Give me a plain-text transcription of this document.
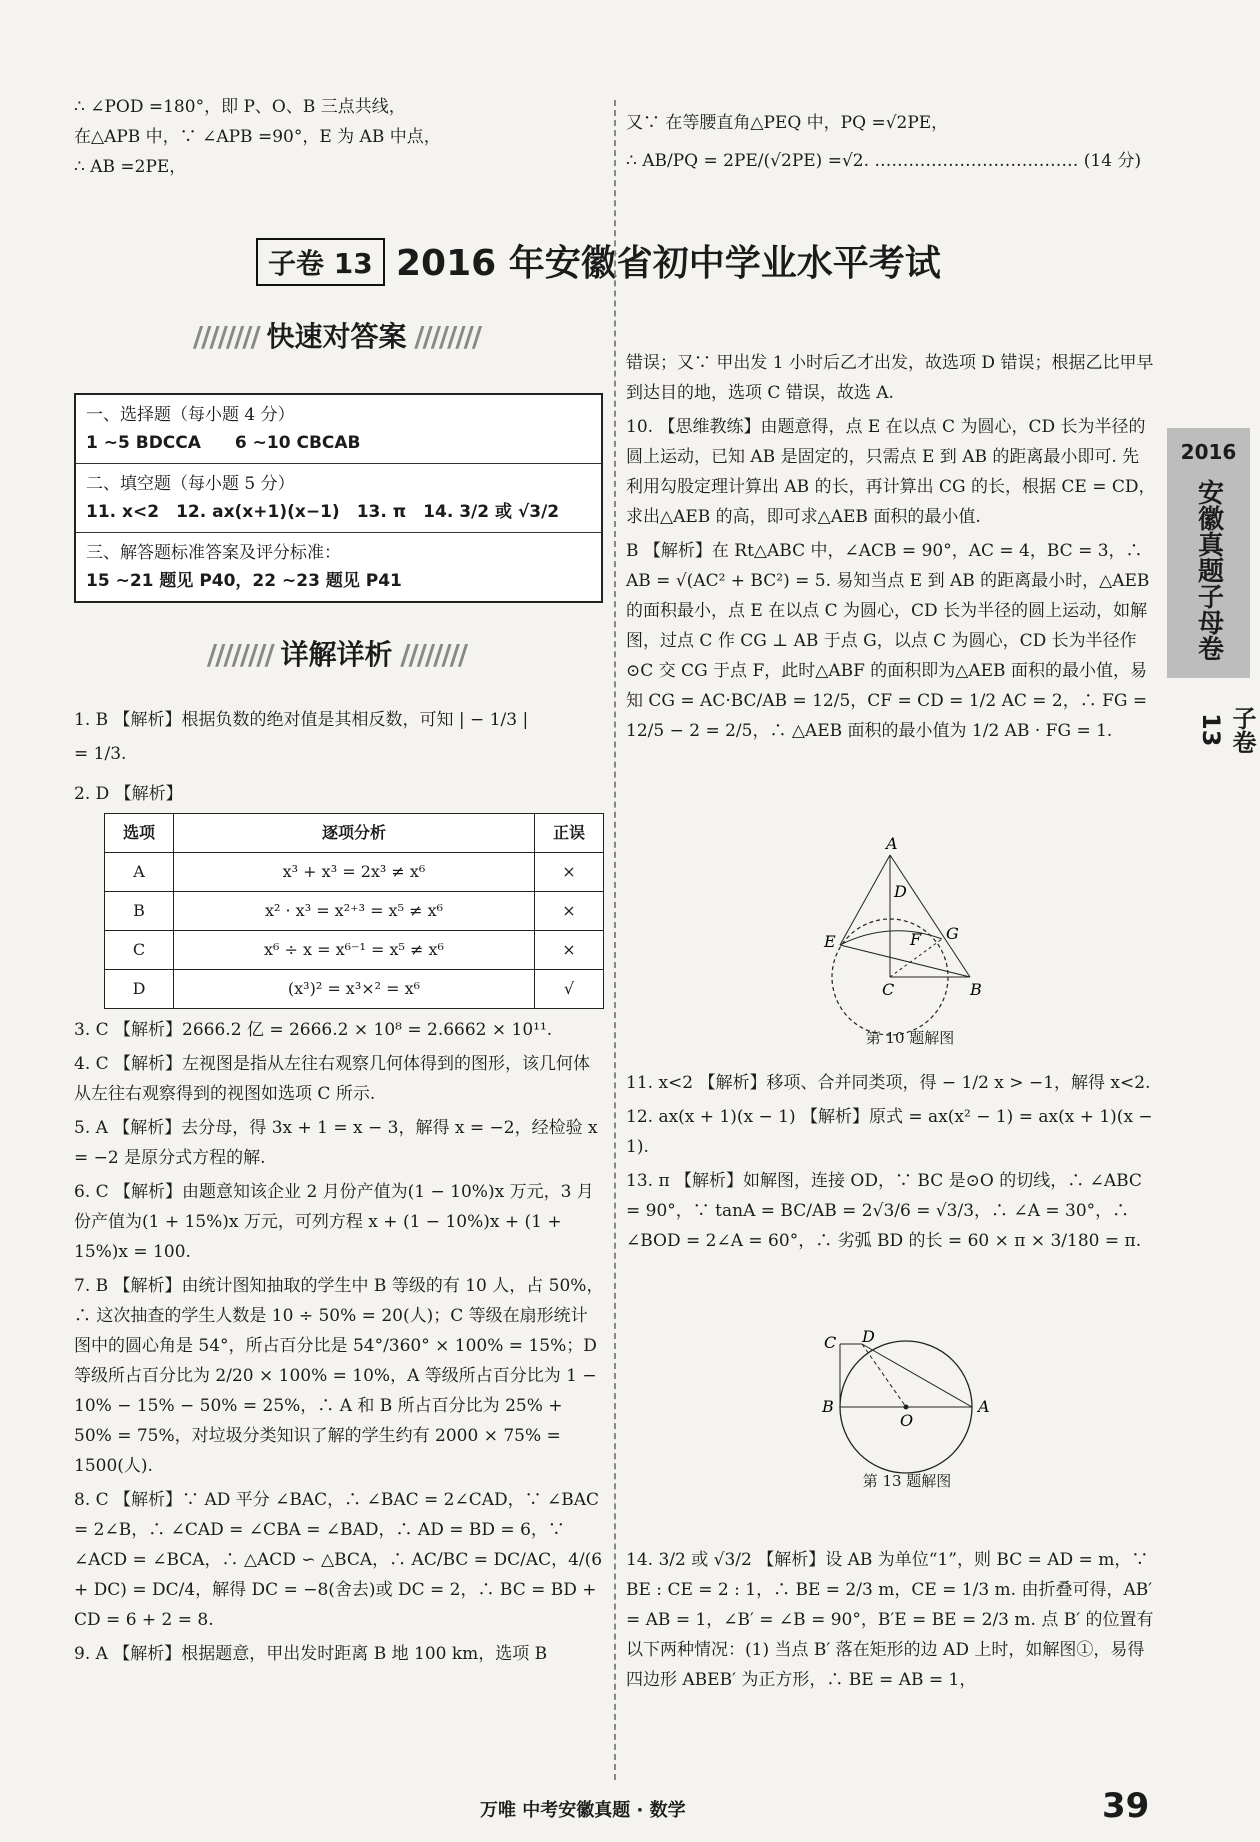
∴ ∠POD =180°，即 P、O、B 三点共线，
在△APB 中，∵ ∠APB =90°，E 为 AB 中点，
∴ AB =2PE，
又∵ 在等腰直角△PEQ 中，PQ =√2PE，
∴ AB/PQ = 2PE/(√2PE) =√2. ……………………………… (14 分)
子卷 13 2016 年安徽省初中学业水平考试
//////// 快速对答案 ////////
一、选择题（每小题 4 分）
1 ~5 BDCCA　　6 ~10 CBCAB
二、填空题（每小题 5 分）
11. x<2　12. ax(x+1)(x−1)　13. π　14. 3/2 或 √3/2
三、解答题标准答案及评分标准：
15 ~21 题见 P40，22 ~23 题见 P41
//////// 详解详析 ////////
1. B 【解析】根据负数的绝对值是其相反数，可知 | − 1/3 |
= 1/3.
2. D 【解析】
选项	逐项分析	正误
A	x³ + x³ = 2x³ ≠ x⁶	×
B	x² · x³ = x²⁺³ = x⁵ ≠ x⁶	×
C	x⁶ ÷ x = x⁶⁻¹ = x⁵ ≠ x⁶	×
D	(x³)² = x³×² = x⁶	√
3. C 【解析】2666.2 亿 = 2666.2 × 10⁸ = 2.6662 × 10¹¹.
4. C 【解析】左视图是指从左往右观察几何体得到的图形，该几何体从左往右观察得到的视图如选项 C 所示.
5. A 【解析】去分母，得 3x + 1 = x − 3，解得 x = −2，经检验 x = −2 是原分式方程的解.
6. C 【解析】由题意知该企业 2 月份产值为(1 − 10%)x 万元，3 月份产值为(1 + 15%)x 万元，可列方程 x + (1 − 10%)x + (1 + 15%)x = 100.
7. B 【解析】由统计图知抽取的学生中 B 等级的有 10 人，占 50%，∴ 这次抽查的学生人数是 10 ÷ 50% = 20(人)；C 等级在扇形统计图中的圆心角是 54°，所占百分比是 54°/360° × 100% = 15%；D 等级所占百分比为 2/20 × 100% = 10%，A 等级所占百分比为 1 − 10% − 15% − 50% = 25%，∴ A 和 B 所占百分比为 25% + 50% = 75%，对垃圾分类知识了解的学生约有 2000 × 75% = 1500(人).
8. C 【解析】∵ AD 平分 ∠BAC，∴ ∠BAC = 2∠CAD，∵ ∠BAC = 2∠B，∴ ∠CAD = ∠CBA = ∠BAD，∴ AD = BD = 6，∵ ∠ACD = ∠BCA，∴ △ACD ∽ △BCA，∴ AC/BC = DC/AC，4/(6 + DC) = DC/4，解得 DC = −8(舍去)或 DC = 2，∴ BC = BD + CD = 6 + 2 = 8.
9. A 【解析】根据题意，甲出发时距离 B 地 100 km，选项 B
错误；又∵ 甲出发 1 小时后乙才出发，故选项 D 错误；根据乙比甲早到达目的地，选项 C 错误，故选 A.
10. 【思维教练】由题意得，点 E 在以点 C 为圆心，CD 长为半径的圆上运动，已知 AB 是固定的，只需点 E 到 AB 的距离最小即可. 先利用勾股定理计算出 AB 的长，再计算出 CG 的长，根据 CE = CD，求出△AEB 的高，即可求△AEB 面积的最小值.
B 【解析】在 Rt△ABC 中，∠ACB = 90°，AC = 4，BC = 3，∴ AB = √(AC² + BC²) = 5. 易知当点 E 到 AB 的距离最小时，△AEB 的面积最小，点 E 在以点 C 为圆心，CD 长为半径的圆上运动，如解图，过点 C 作 CG ⊥ AB 于点 G，以点 C 为圆心，CD 长为半径作⊙C 交 CG 于点 F，此时△ABF 的面积即为△AEB 面积的最小值，易知 CG = AC·BC/AB = 12/5，CF = CD = 1/2 AC = 2，∴ FG = 12/5 − 2 = 2/5，∴ △AEB 面积的最小值为 1/2 AB · FG = 1.
A
D
E	G
F
C	B
第 10 题解图
11. x<2 【解析】移项、合并同类项，得 − 1/2 x > −1，解得 x<2.
12. ax(x + 1)(x − 1) 【解析】原式 = ax(x² − 1) = ax(x + 1)(x − 1).
13. π 【解析】如解图，连接 OD，∵ BC 是⊙O 的切线，∴ ∠ABC = 90°，∵ tanA = BC/AB = 2√3/6 = √3/3，∴ ∠A = 30°，∴ ∠BOD = 2∠A = 60°，∴ 劣弧 BD 的长 = 60 × π × 3/180 = π.
C D
B
O
A
第 13 题解图
14. 3/2 或 √3/2 【解析】设 AB 为单位“1”，则 BC = AD = m，∵ BE : CE = 2 : 1，∴ BE = 2/3 m，CE = 1/3 m. 由折叠可得，AB′ = AB = 1，∠B′ = ∠B = 90°，B′E = BE = 2/3 m. 点 B′ 的位置有以下两种情况：(1) 当点 B′ 落在矩形的边 AD 上时，如解图①，易得四边形 ABEB′ 为正方形，∴ BE = AB = 1，
2016
安徽真题子母卷
子卷 13
万唯 中考安徽真题 · 数学	39
